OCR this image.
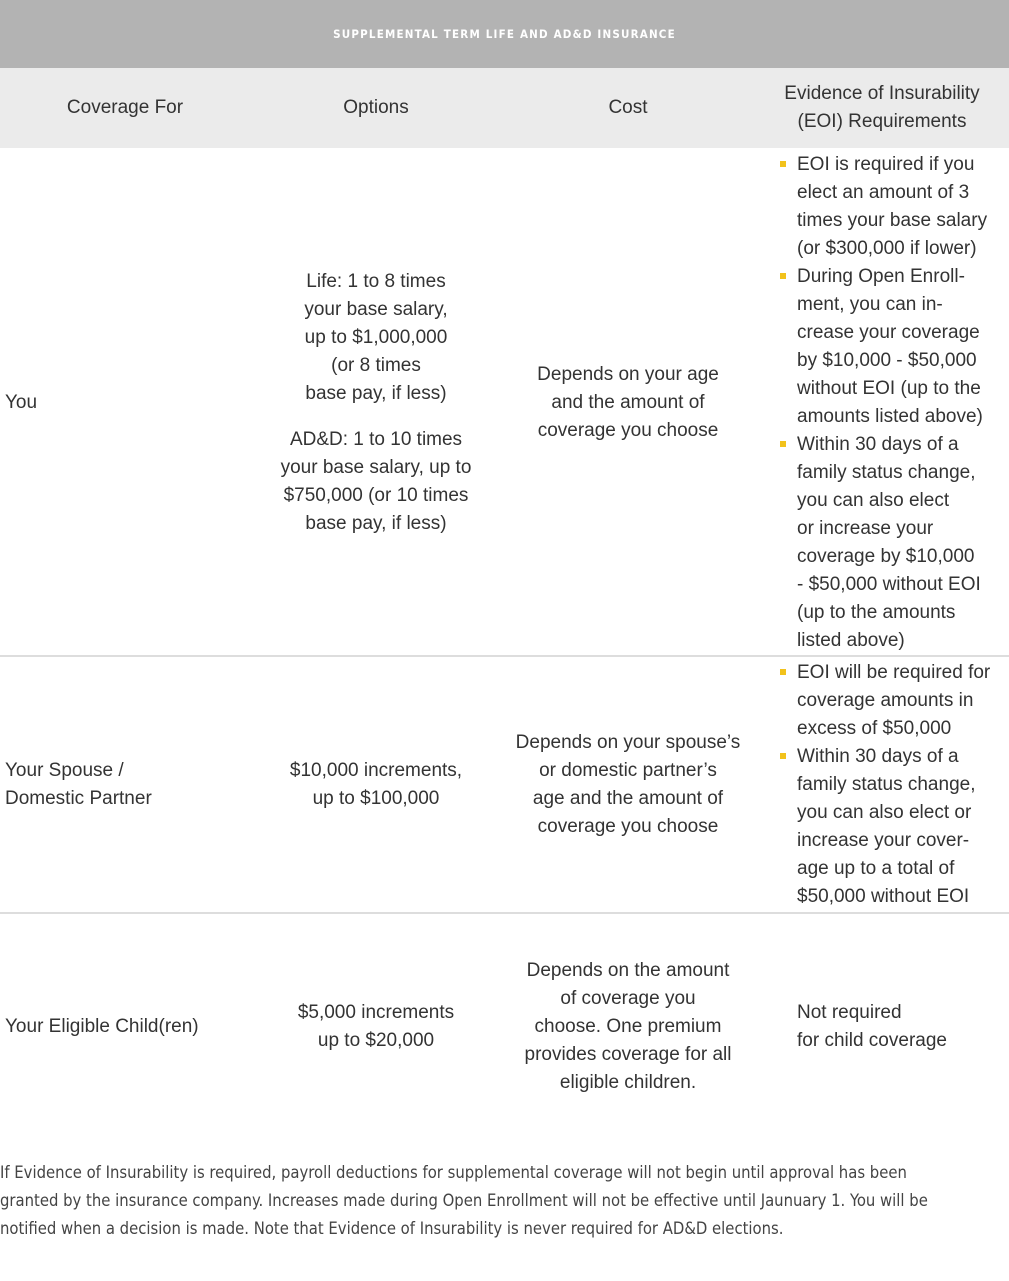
SUPPLEMENTAL TERM LIFE AND AD&D INSURANCE
Coverage For	Options	Cost
Evidence of Insurability
(EOI) Requirements
You
Life: 1 to 8 times
your base salary,
up to $1,000,000
(or 8 times
base pay, if less)
AD&D: 1 to 10 times
your base salary, up to
$750,000 (or 10 times
base pay, if less)
Depends on your age
and the amount of
coverage you choose
EOI is required if you
elect an amount of 3
times your base salary
(or $300,000 if lower)
During Open Enroll-
ment, you can in-
crease your coverage
by $10,000 - $50,000
without EOI (up to the
amounts listed above)
Within 30 days of a
family status change,
you can also elect
or increase your
coverage by $10,000
- $50,000 without EOI
(up to the amounts
listed above)
Your Spouse /
Domestic Partner
$10,000 increments,
up to $100,000
Depends on your spouse’s
or domestic partner’s
age and the amount of
coverage you choose
EOI will be required for
coverage amounts in
excess of $50,000
Within 30 days of a
family status change,
you can also elect or
increase your cover-
age up to a total of
$50,000 without EOI
Your Eligible Child(ren)
$5,000 increments
up to $20,000
Depends on the amount
of coverage you
choose. One premium
provides coverage for all
eligible children.
Not required
for child coverage
If Evidence of Insurability is required, payroll deductions for supplemental coverage will not begin until approval has been
granted by the insurance company. Increases made during Open Enrollment will not be effective until Jaunuary 1. You will be
notified when a decision is made. Note that Evidence of Insurability is never required for AD&D elections.
